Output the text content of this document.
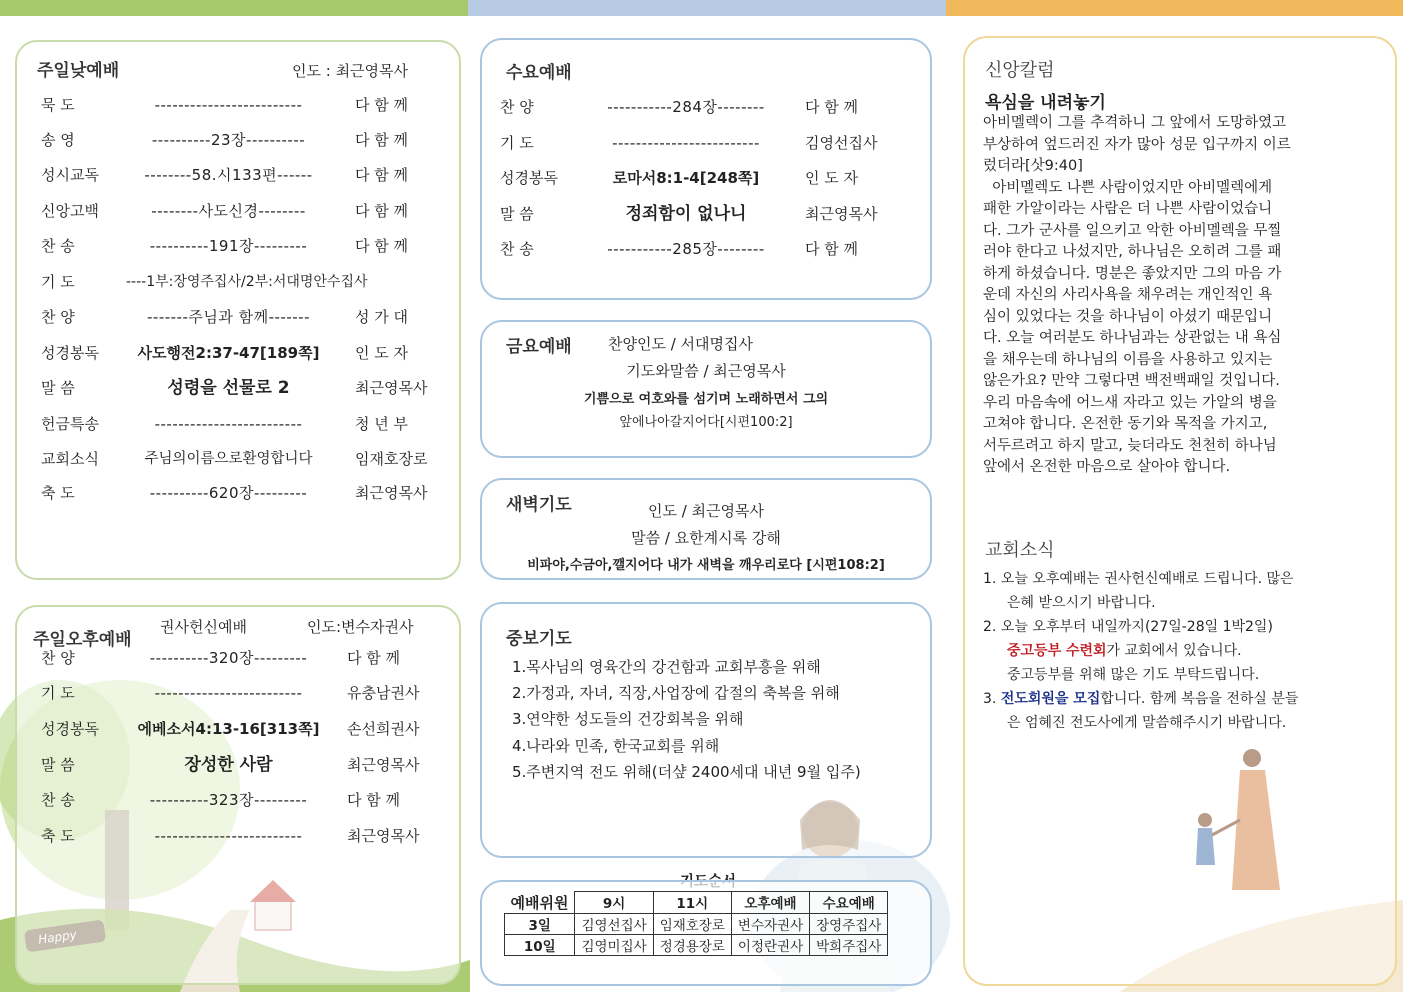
주일낮예배	인도 : 최근영목사
묵 도	-------------------------	다 함 께
송 영	----------23장----------	다 함 께
성시교독	--------58.시133편------	다 함 께
신앙고백	--------사도신경--------	다 함 께
찬 송	----------191장---------	다 함 께
기 도	----1부:장영주집사/2부:서대명안수집사
찬 양	-------주님과 함께-------	성 가 대
성경봉독	사도행전2:37-47[189쪽]	인 도 자
말 씀	성령을 선물로 2	최근영목사
헌금특송	-------------------------	청 년 부
교회소식	주님의이름으로환영합니다	임재호장로
축 도	----------620장---------	최근영목사
주일오후예배
권사헌신예배	인도:변수자권사
찬 양	----------320장---------	다 함 께
기 도	-------------------------	유충남권사
성경봉독	에베소서4:13-16[313쪽]	손선희권사
말 씀	장성한 사람	최근영목사
찬 송	----------323장---------	다 함 께
축 도	-------------------------	최근영목사
수요예배
찬 양	-----------284장--------	다 함 께
기 도	-------------------------	김영선집사
성경봉독	로마서8:1-4[248쪽]	인 도 자
말 씀	정죄함이 없나니	최근영목사
찬 송	-----------285장--------	다 함 께
금요예배 찬양인도 / 서대명집사
기도와말씀 / 최근영목사
기쁨으로 여호와를 섬기며 노래하면서 그의
앞에나아갈지어다[시편100:2]
새벽기도	인도 / 최근영목사
말씀 / 요한계시록 강해
비파야,수금아,깰지어다 내가 새벽을 깨우리로다 [시편108:2]
중보기도
1.목사님의 영육간의 강건함과 교회부흥을 위해
2.가정과, 자녀, 직장,사업장에 갑절의 축복을 위해
3.연약한 성도들의 건강회복을 위해
4.나라와 민족, 한국교회를 위해
5.주변지역 전도 위해(더샾 2400세대 내년 9월 입주)
예배위원	9시	11시	오후예배	수요예배
3일	김영선집사	임재호장로	변수자권사	장영주집사
10일	김영미집사	정경용장로	이정란권사	박희주집사
신앙칼럼
욕심을 내려놓기
아비멜렉이 그를 추격하니 그 앞에서 도망하였고
부상하여 엎드러진 자가 많아 성문 입구까지 이르
렀더라[삿9:40]
아비멜렉도 나쁜 사람이었지만 아비멜렉에게
패한 가알이라는 사람은 더 나쁜 사람이었습니
다. 그가 군사를 일으키고 악한 아비멜렉을 무찔
러야 한다고 나섰지만, 하나님은 오히려 그를 패
하게 하셨습니다. 명분은 좋았지만 그의 마음 가
운데 자신의 사리사욕을 채우려는 개인적인 욕
심이 있었다는 것을 하나님이 아셨기 때문입니
다. 오늘 여러분도 하나님과는 상관없는 내 욕심
을 채우는데 하나님의 이름을 사용하고 있지는
않은가요? 만약 그렇다면 백전백패일 것입니다.
우리 마음속에 어느새 자라고 있는 가알의 병을
고쳐야 합니다. 온전한 동기와 목적을 가지고,
서두르려고 하지 말고, 늦더라도 천천히 하나님
앞에서 온전한 마음으로 살아야 합니다.
교회소식
1. 오늘 오후예배는 권사헌신예배로 드립니다. 많은
은혜 받으시기 바랍니다.
2. 오늘 오후부터 내일까지(27일-28일 1박2일)
중고등부 수련회가 교회에서 있습니다.
중고등부를 위해 많은 기도 부탁드립니다.
3. 전도회원을 모집합니다. 함께 복음을 전하실 분들
은 엄혜진 전도사에게 말씀해주시기 바랍니다.
